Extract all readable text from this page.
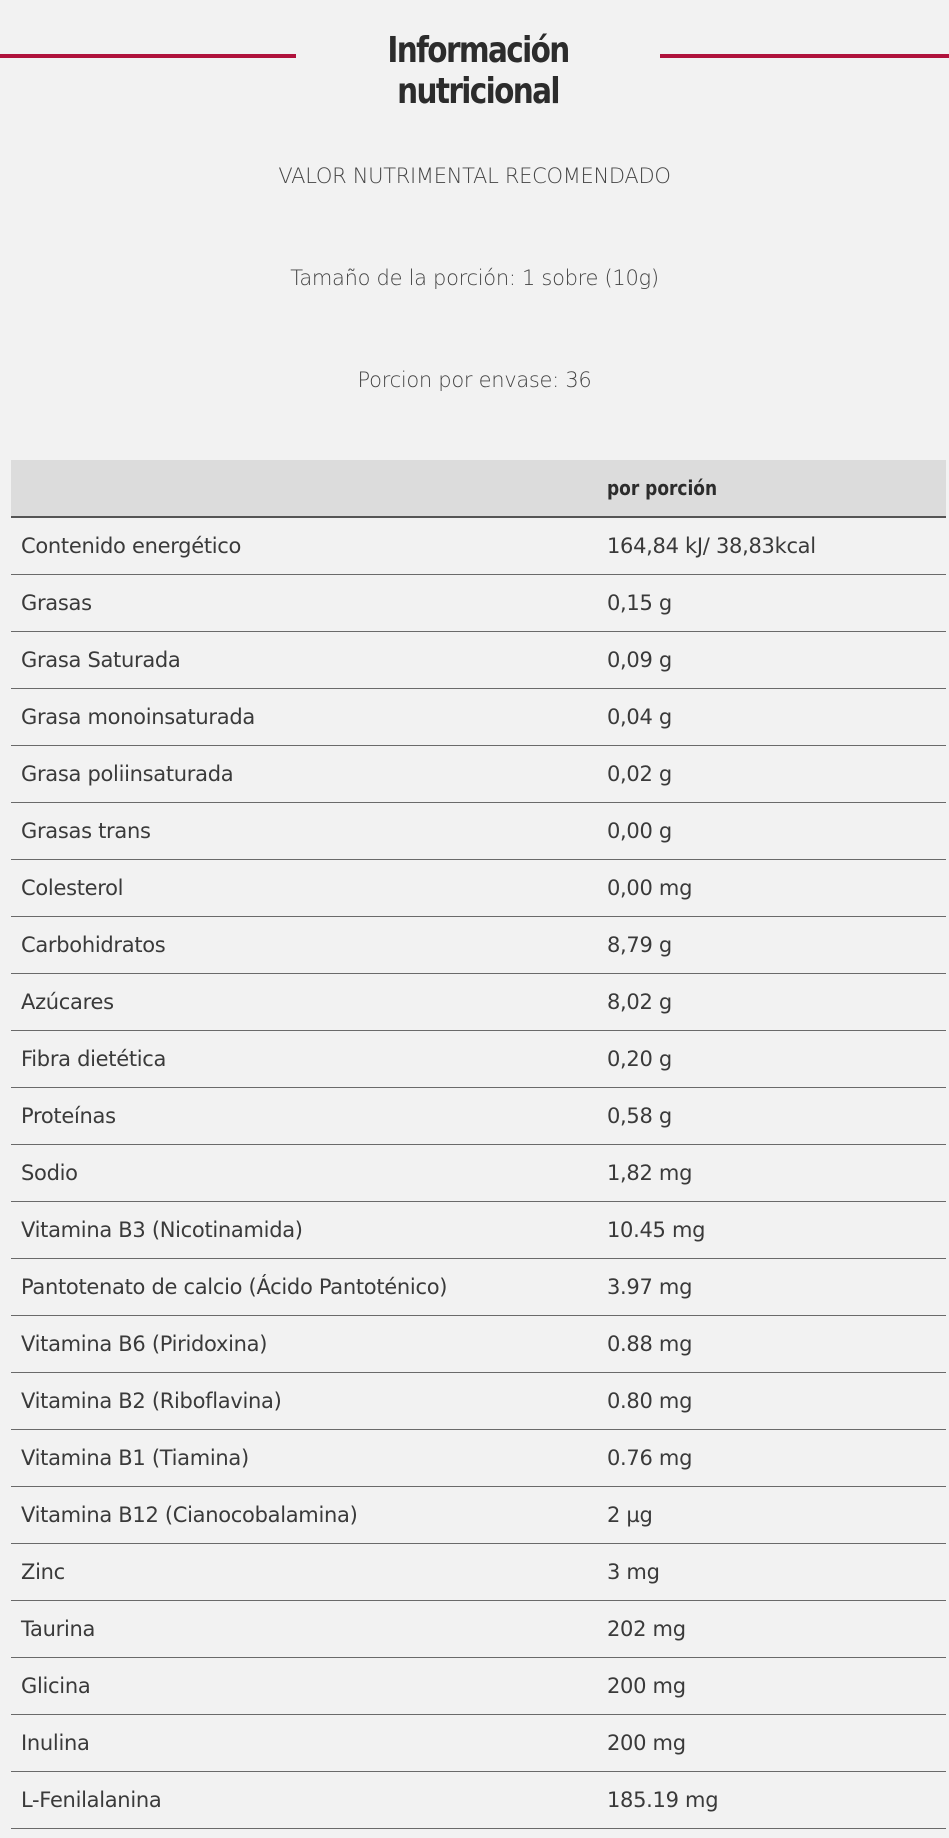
Información nutricional
VALOR NUTRIMENTAL RECOMENDADO
Tamaño de la porción: 1 sobre (10g)
Porcion por envase: 36
	por porción
Contenido energético	164,84 kJ/ 38,83kcal
Grasas	0,15 g
Grasa Saturada	0,09 g
Grasa monoinsaturada	0,04 g
Grasa poliinsaturada	0,02 g
Grasas trans	0,00 g
Colesterol	0,00 mg
Carbohidratos	8,79 g
Azúcares	8,02 g
Fibra dietética	0,20 g
Proteínas	0,58 g
Sodio	1,82 mg
Vitamina B3 (Nicotinamida)	10.45 mg
Pantotenato de calcio (Ácido Pantoténico)	3.97 mg
Vitamina B6 (Piridoxina)	0.88 mg
Vitamina B2 (Riboflavina)	0.80 mg
Vitamina B1 (Tiamina)	0.76 mg
Vitamina B12 (Cianocobalamina)	2 µg
Zinc	3 mg
Taurina	202 mg
Glicina	200 mg
Inulina	200 mg
L-Fenilalanina	185.19 mg
